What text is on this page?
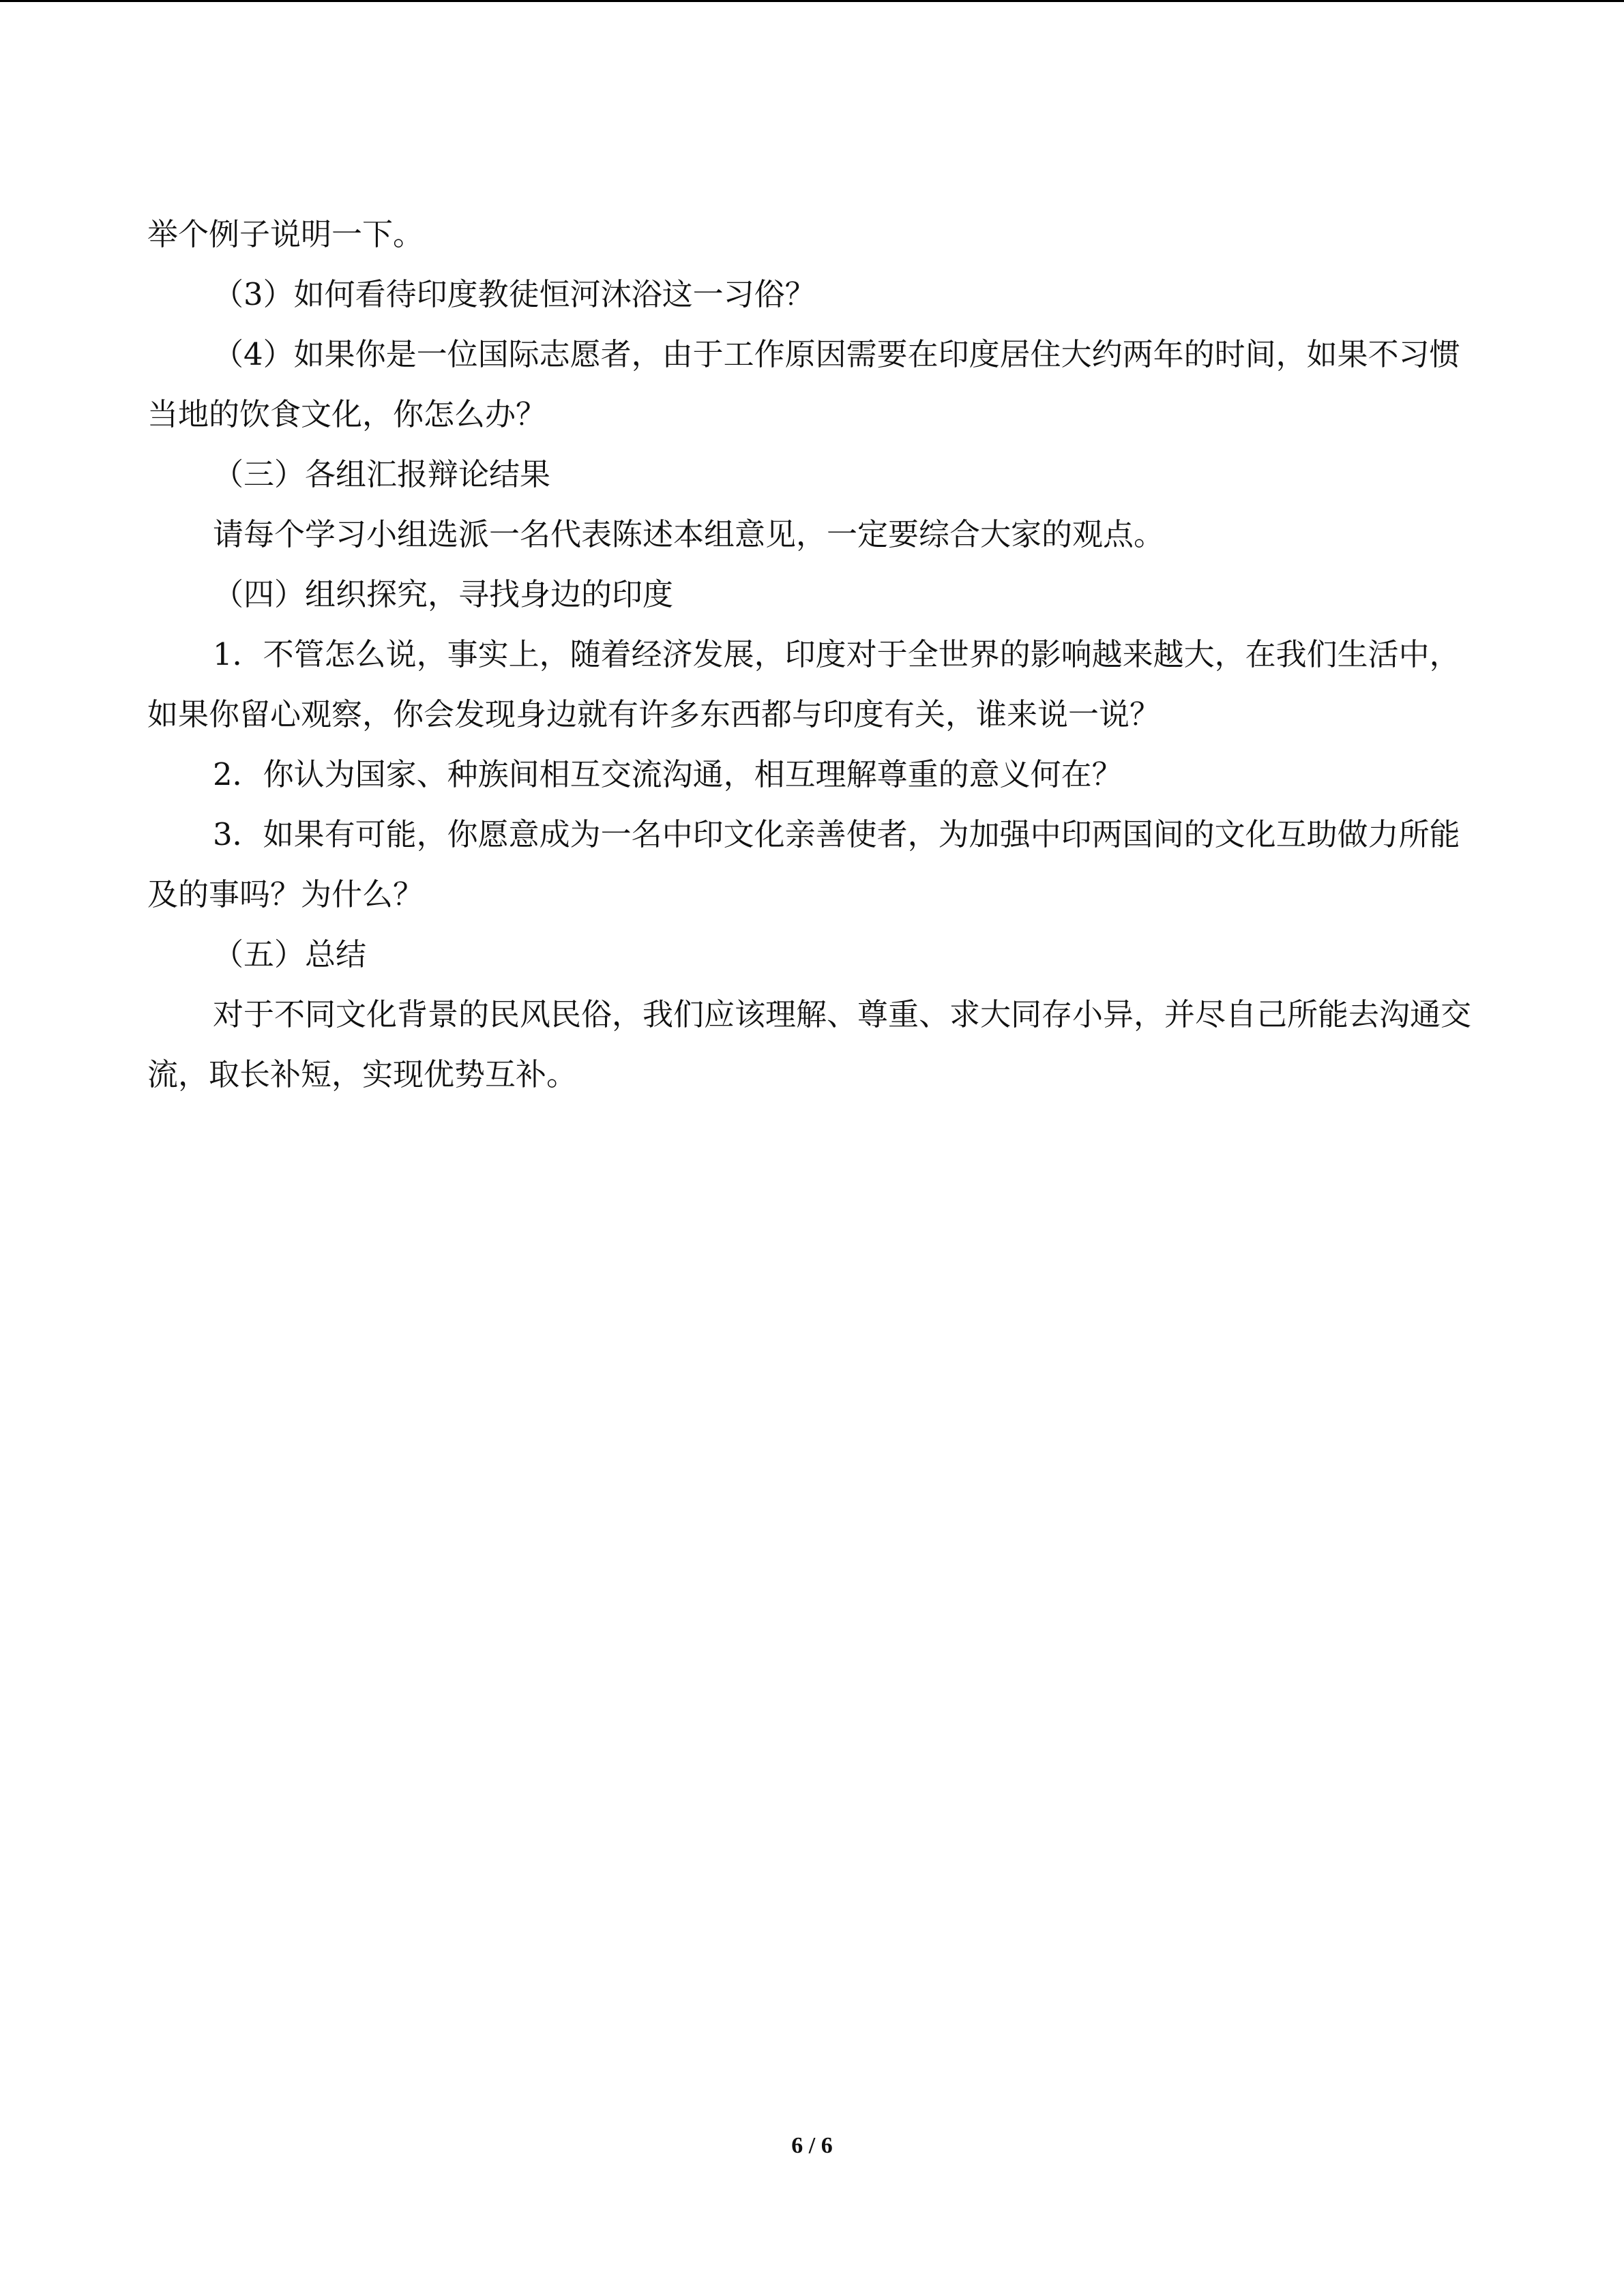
举个例子说明一下。

（3）如何看待印度教徒恒河沐浴这一习俗？

（4）如果你是一位国际志愿者，由于工作原因需要在印度居住大约两年的时间，如果不习惯当地的饮食文化，你怎么办？

（三）各组汇报辩论结果

请每个学习小组选派一名代表陈述本组意见，一定要综合大家的观点。

（四）组织探究，寻找身边的印度

1．不管怎么说，事实上，随着经济发展，印度对于全世界的影响越来越大，在我们生活中，如果你留心观察，你会发现身边就有许多东西都与印度有关，谁来说一说？

2．你认为国家、种族间相互交流沟通，相互理解尊重的意义何在？

3．如果有可能，你愿意成为一名中印文化亲善使者，为加强中印两国间的文化互助做力所能及的事吗？为什么？

（五）总结

对于不同文化背景的民风民俗，我们应该理解、尊重、求大同存小异，并尽自己所能去沟通交流，取长补短，实现优势互补。

6 / 6
